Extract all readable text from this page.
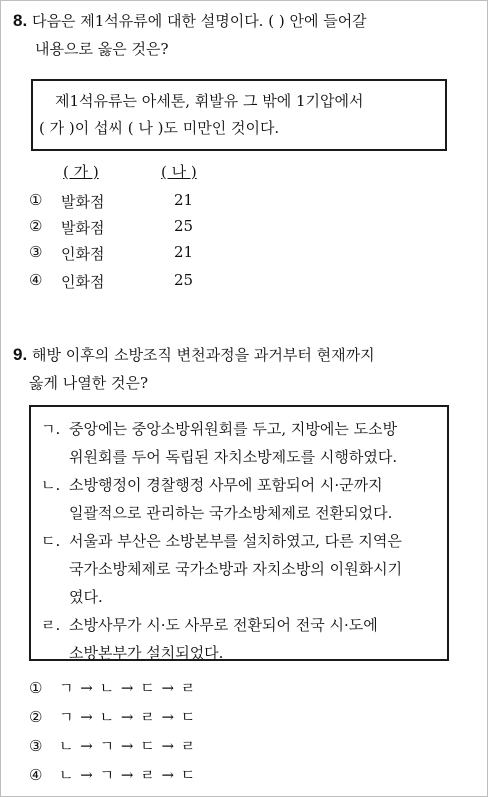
8. 다음은 제1석유류에 대한 설명이다. ( ) 안에 들어갈
내용으로 옳은 것은?
제1석유류는 아세톤, 휘발유 그 밖에 1기압에서
( 가 )이 섭씨 ( 나 )도 미만인 것이다.
( 가 )	( 나 )
①	발화점	21
②	발화점	25
③	인화점	21
④	인화점	25
9. 해방 이후의 소방조직 변천과정을 과거부터 현재까지
옳게 나열한 것은?
ㄱ. 중앙에는 중앙소방위원회를 두고, 지방에는 도소방
위원회를 두어 독립된 자치소방제도를 시행하였다.
ㄴ. 소방행정이 경찰행정 사무에 포함되어 시·군까지
일괄적으로 관리하는 국가소방체제로 전환되었다.
ㄷ. 서울과 부산은 소방본부를 설치하였고, 다른 지역은
국가소방체제로 국가소방과 자치소방의 이원화시기
였다.
ㄹ. 소방사무가 시·도 사무로 전환되어 전국 시·도에
소방본부가 설치되었다.
① ㄱ → ㄴ → ㄷ → ㄹ
② ㄱ → ㄴ → ㄹ → ㄷ
③ ㄴ → ㄱ → ㄷ → ㄹ
④ ㄴ → ㄱ → ㄹ → ㄷ
